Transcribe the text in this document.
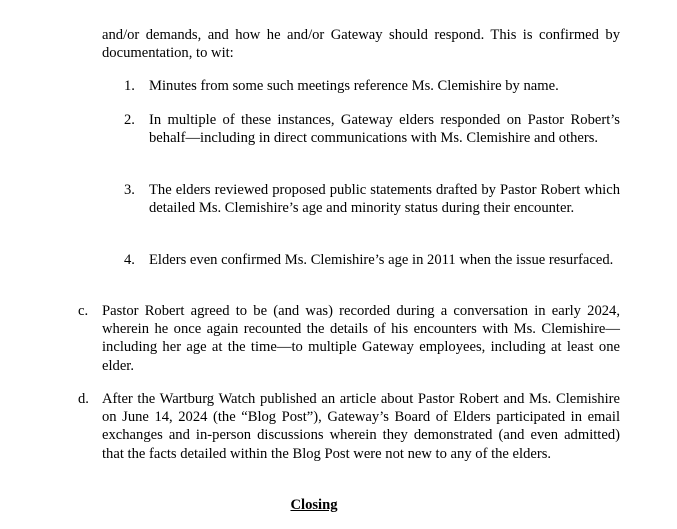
and/or demands, and how he and/or Gateway should respond. This is confirmed by documentation, to wit:
1. Minutes from some such meetings reference Ms. Clemishire by name.
2. In multiple of these instances, Gateway elders responded on Pastor Robert’s behalf—including in direct communications with Ms. Clemishire and others.
3. The elders reviewed proposed public statements drafted by Pastor Robert which detailed Ms. Clemishire’s age and minority status during their encounter.
4. Elders even confirmed Ms. Clemishire’s age in 2011 when the issue resurfaced.
c. Pastor Robert agreed to be (and was) recorded during a conversation in early 2024, wherein he once again recounted the details of his encounters with Ms. Clemishire—including her age at the time—to multiple Gateway employees, including at least one elder.
d. After the Wartburg Watch published an article about Pastor Robert and Ms. Clemishire on June 14, 2024 (the “Blog Post”), Gateway’s Board of Elders participated in email exchanges and in-person discussions wherein they demonstrated (and even admitted) that the facts detailed within the Blog Post were not new to any of the elders.
Closing
